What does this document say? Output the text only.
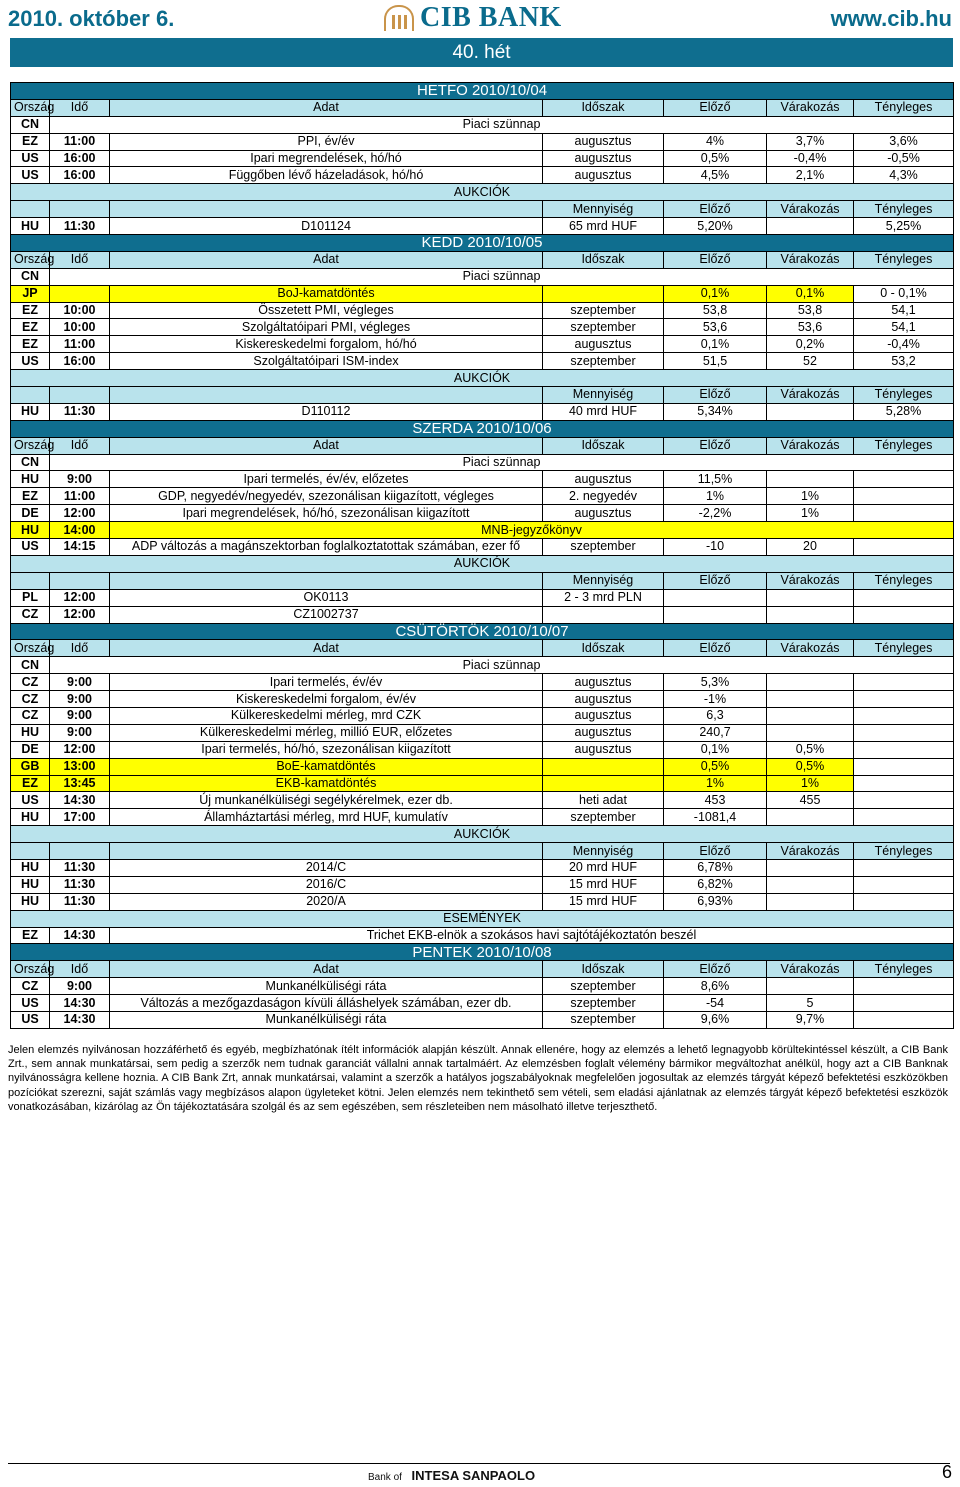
2010. október 6.	CIB BANK	www.cib.hu
40. hét
HETFO 2010/10/04						
Ország	Idő	Adat	Időszak	Előző	Várakozás	Tényleges
CN	Piaci szünnap					
EZ	11:00	PPI, év/év	augusztus	4%	3,7%	3,6%
US	16:00	Ipari megrendelések, hó/hó	augusztus	0,5%	-0,4%	-0,5%
US	16:00	Függőben lévő házeladások, hó/hó	augusztus	4,5%	2,1%	4,3%
AUKCIÓK						
			Mennyiség	Előző	Várakozás	Tényleges
HU	11:30	D101124	65 mrd HUF	5,20%		5,25%
KEDD 2010/10/05						
Ország	Idő	Adat	Időszak	Előző	Várakozás	Tényleges
CN	Piaci szünnap					
JP		BoJ-kamatdöntés		0,1%	0,1%	0 - 0,1%
EZ	10:00	Összetett PMI, végleges	szeptember	53,8	53,8	54,1
EZ	10:00	Szolgáltatóipari PMI, végleges	szeptember	53,6	53,6	54,1
EZ	11:00	Kiskereskedelmi forgalom, hó/hó	augusztus	0,1%	0,2%	-0,4%
US	16:00	Szolgáltatóipari ISM-index	szeptember	51,5	52	53,2
AUKCIÓK						
			Mennyiség	Előző	Várakozás	Tényleges
HU	11:30	D110112	40 mrd HUF	5,34%		5,28%
SZERDA 2010/10/06						
Ország	Idő	Adat	Időszak	Előző	Várakozás	Tényleges
CN	Piaci szünnap					
HU	9:00	Ipari termelés, év/év, előzetes	augusztus	11,5%		
EZ	11:00	GDP, negyedév/negyedév, szezonálisan kiigazított, végleges	2. negyedév	1%	1%	
DE	12:00	Ipari megrendelések, hó/hó, szezonálisan kiigazított	augusztus	-2,2%	1%	
HU	14:00	MNB-jegyzőkönyv				
US	14:15	ADP változás a magánszektorban foglalkoztatottak számában, ezer fő	szeptember	-10	20	
AUKCIÓK						
			Mennyiség	Előző	Várakozás	Tényleges
PL	12:00	OK0113	2 - 3 mrd PLN			
CZ	12:00	CZ1002737				
CSÜTÖRTÖK 2010/10/07						
Ország	Idő	Adat	Időszak	Előző	Várakozás	Tényleges
CN	Piaci szünnap					
CZ	9:00	Ipari termelés, év/év	augusztus	5,3%		
CZ	9:00	Kiskereskedelmi forgalom, év/év	augusztus	-1%		
CZ	9:00	Külkereskedelmi mérleg, mrd CZK	augusztus	6,3		
HU	9:00	Külkereskedelmi mérleg, millió EUR, előzetes	augusztus	240,7		
DE	12:00	Ipari termelés, hó/hó, szezonálisan kiigazított	augusztus	0,1%	0,5%	
GB	13:00	BoE-kamatdöntés		0,5%	0,5%	
EZ	13:45	EKB-kamatdöntés		1%	1%	
US	14:30	Új munkanélküliségi segélykérelmek, ezer db.	heti adat	453	455	
HU	17:00	Államháztartási mérleg, mrd HUF, kumulatív	szeptember	-1081,4		
AUKCIÓK						
			Mennyiség	Előző	Várakozás	Tényleges
HU	11:30	2014/C	20 mrd HUF	6,78%		
HU	11:30	2016/C	15 mrd HUF	6,82%		
HU	11:30	2020/A	15 mrd HUF	6,93%		
ESEMÉNYEK						
EZ	14:30	Trichet EKB-elnök a szokásos havi sajtótájékoztatón beszél				
PENTEK 2010/10/08						
Ország	Idő	Adat	Időszak	Előző	Várakozás	Tényleges
CZ	9:00	Munkanélküliségi ráta	szeptember	8,6%		
US	14:30	Változás a mezőgazdaságon kívüli álláshelyek számában, ezer db.	szeptember	-54	5	
US	14:30	Munkanélküliségi ráta	szeptember	9,6%	9,7%	
Jelen elemzés nyilvánosan hozzáférhető és egyéb, megbízhatónak ítélt információk alapján készült. Annak ellenére, hogy az elemzés a lehető legnagyobb körültekintéssel készült, a CIB Bank Zrt., sem annak munkatársai, sem pedig a szerzők nem tudnak garanciát vállalni annak tartalmáért. Az elemzésben foglalt vélemény bármikor megváltozhat anélkül, hogy azt a CIB Banknak nyilvánosságra kellene hoznia. A CIB Bank Zrt, annak munkatársai, valamint a szerzők a hatályos jogszabályoknak megfelelően jogosultak az elemzés tárgyát képező befektetési eszközökben pozíciókat szerezni, saját számlás vagy megbízásos alapon ügyleteket kötni. Jelen elemzés nem tekinthető sem vételi, sem eladási ajánlatnak az elemzés tárgyát képező befektetési eszközök vonatkozásában, kizárólag az Ön tájékoztatására szolgál és az sem egészében, sem részleteiben nem másolható illetve terjeszthető.
Bank of INTESA SANPAOLO	6
